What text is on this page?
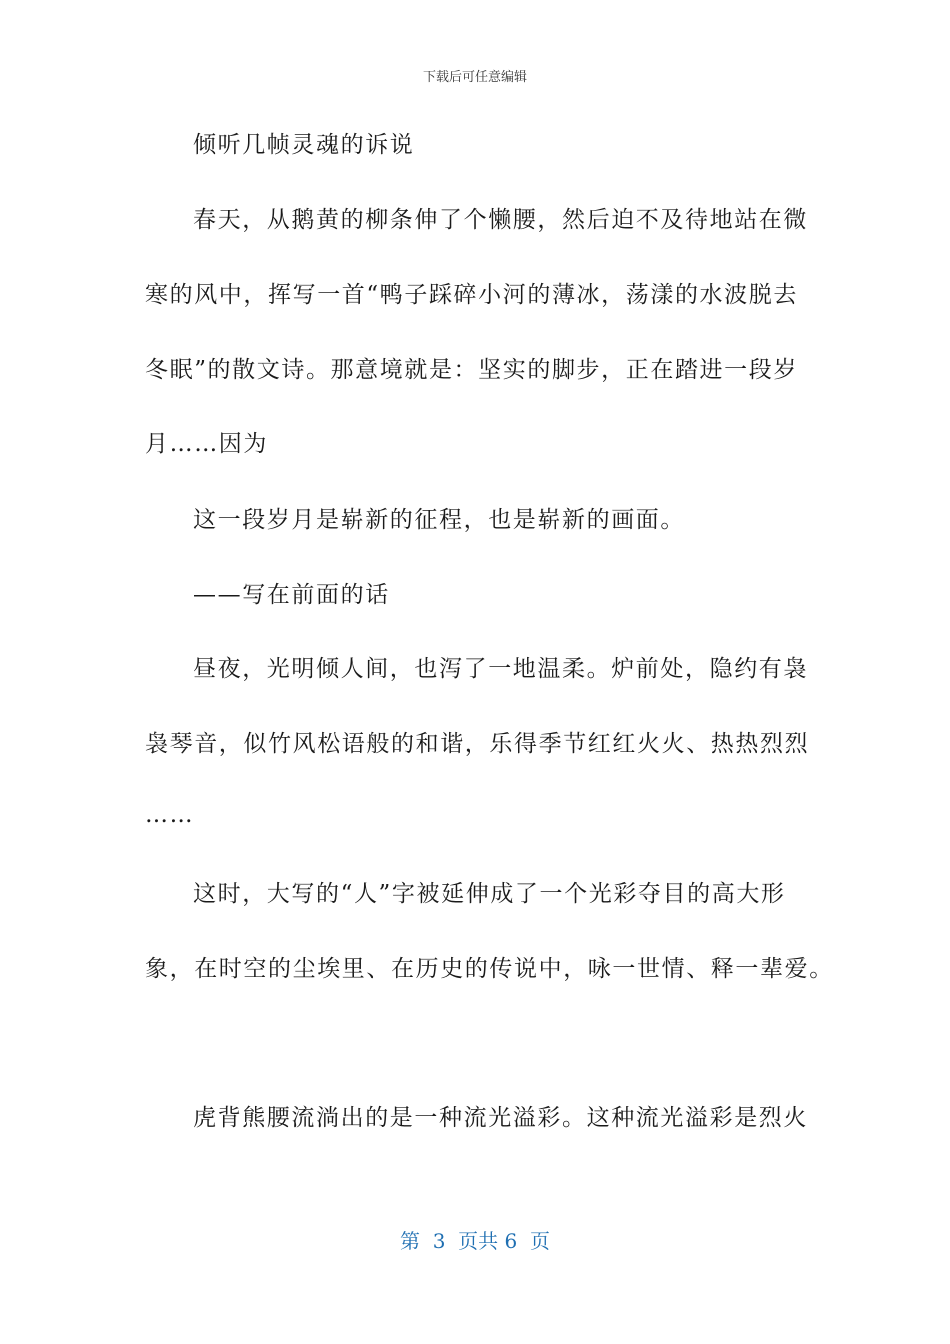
下载后可任意编辑
倾听几帧灵魂的诉说
春天，从鹅黄的柳条伸了个懒腰，然后迫不及待地站在微
寒的风中，挥写一首“鸭子踩碎小河的薄冰，荡漾的水波脱去
冬眠”的散文诗。那意境就是：坚实的脚步，正在踏进一段岁
月……因为
这一段岁月是崭新的征程，也是崭新的画面。
——写在前面的话
昼夜，光明倾人间，也泻了一地温柔。炉前处，隐约有袅
袅琴音，似竹风松语般的和谐，乐得季节红红火火、热热烈烈
……
这时，大写的“人”字被延伸成了一个光彩夺目的高大形
象，在时空的尘埃里、在历史的传说中，咏一世情、释一辈爱。
虎背熊腰流淌出的是一种流光溢彩。这种流光溢彩是烈火
第  3  页共 6  页
